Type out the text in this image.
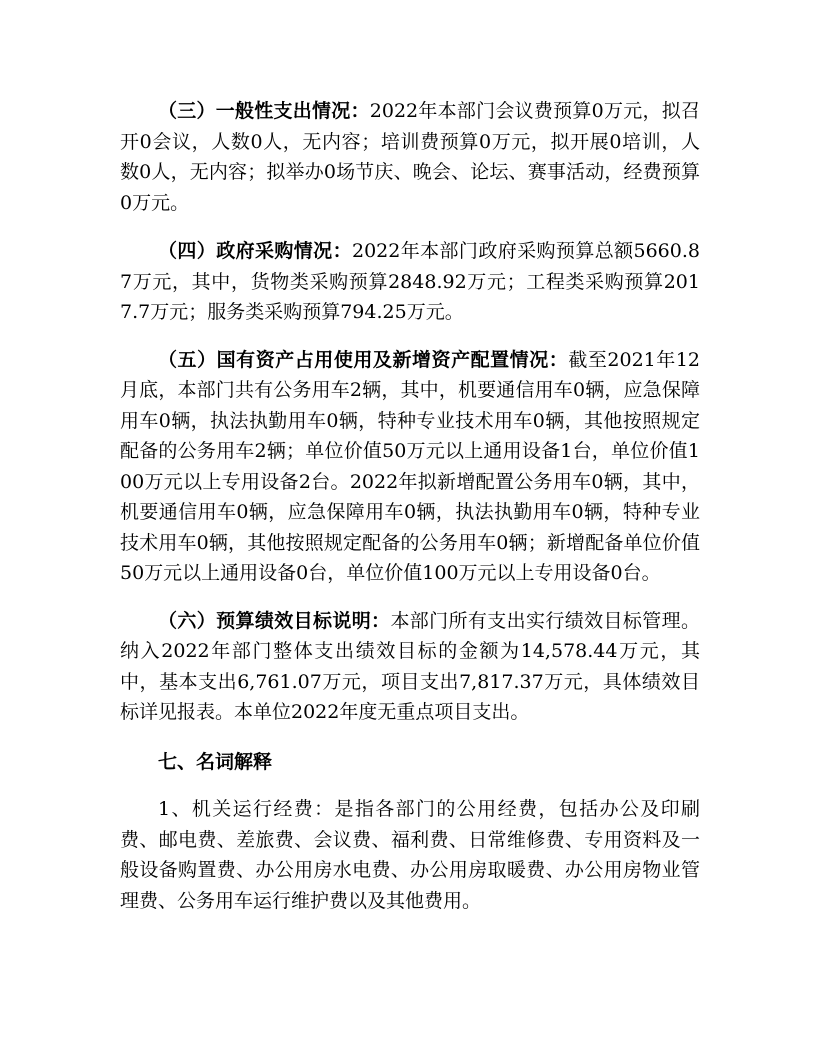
（三）一般性支出情况：2022年本部门会议费预算0万元，拟召开0会议，人数0人，无内容；培训费预算0万元，拟开展0培训，人数0人，无内容；拟举办0场节庆、晚会、论坛、赛事活动，经费预算0万元。

（四）政府采购情况：2022年本部门政府采购预算总额5660.87万元，其中，货物类采购预算2848.92万元；工程类采购预算2017.7万元；服务类采购预算794.25万元。

（五）国有资产占用使用及新增资产配置情况：截至2021年12月底，本部门共有公务用车2辆，其中，机要通信用车0辆，应急保障用车0辆，执法执勤用车0辆，特种专业技术用车0辆，其他按照规定配备的公务用车2辆；单位价值50万元以上通用设备1台，单位价值100万元以上专用设备2台。2022年拟新增配置公务用车0辆，其中，机要通信用车0辆，应急保障用车0辆，执法执勤用车0辆，特种专业技术用车0辆，其他按照规定配备的公务用车0辆；新增配备单位价值50万元以上通用设备0台，单位价值100万元以上专用设备0台。

（六）预算绩效目标说明：本部门所有支出实行绩效目标管理。纳入2022年部门整体支出绩效目标的金额为14,578.44万元，其中，基本支出6,761.07万元，项目支出7,817.37万元，具体绩效目标详见报表。本单位2022年度无重点项目支出。

七、名词解释

1、机关运行经费：是指各部门的公用经费，包括办公及印刷费、邮电费、差旅费、会议费、福利费、日常维修费、专用资料及一般设备购置费、办公用房水电费、办公用房取暖费、办公用房物业管理费、公务用车运行维护费以及其他费用。
